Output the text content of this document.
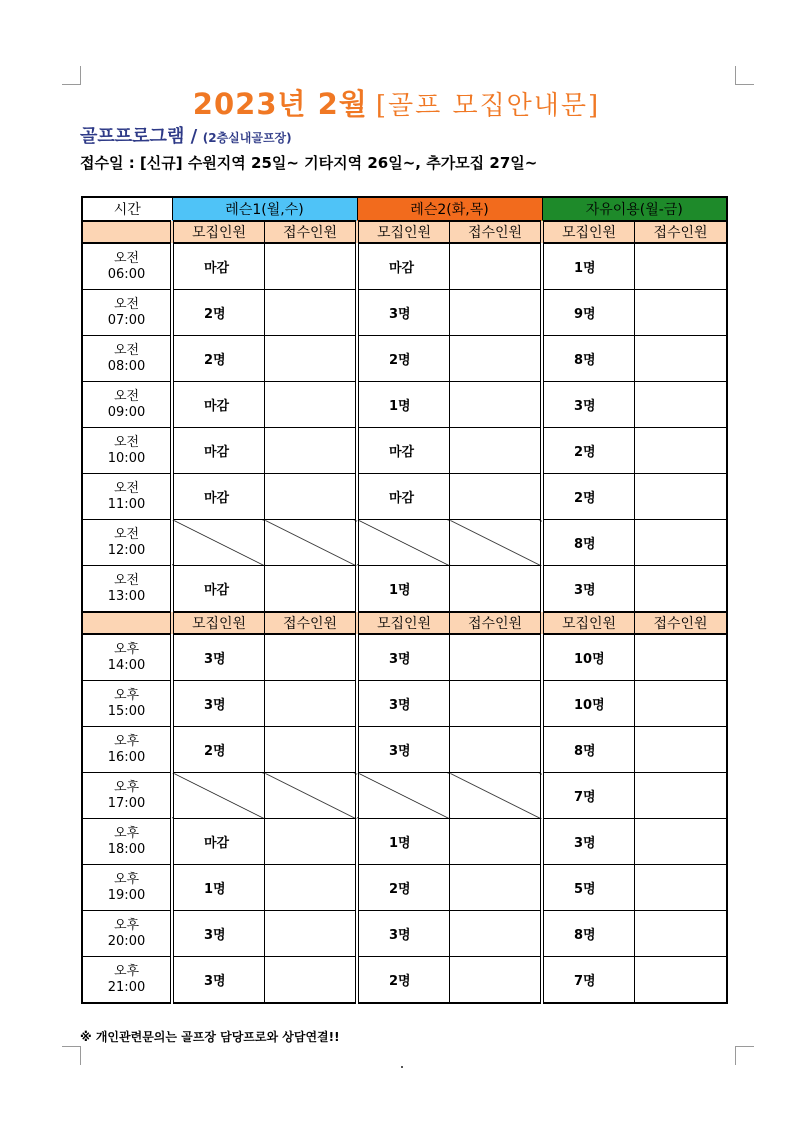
2023년 2월 [골프 모집안내문]
골프프로그램 / (2층실내골프장)
접수일 : [신규] 수원지역 25일~ 기타지역 26일~, 추가모집 27일~
시간	레슨1(월,수)		레슨2(화,목)		자유이용(월-금)	
	모집인원	접수인원	모집인원	접수인원	모집인원	접수인원

오전
06:00	마감		마감		1명	

오전
07:00	2명		3명		9명	

오전
08:00	2명		2명		8명	

오전
09:00	마감		1명		3명	

오전
10:00	마감		마감		2명	

오전
11:00	마감		마감		2명	

오전
12:00					8명	

오전
13:00	마감		1명		3명	
	모집인원	접수인원	모집인원	접수인원	모집인원	접수인원

오후
14:00	3명		3명		10명	

오후
15:00	3명		3명		10명	

오후
16:00	2명		3명		8명	

오후
17:00					7명	

오후
18:00	마감		1명		3명	

오후
19:00	1명		2명		5명	

오후
20:00	3명		3명		8명	

오후
21:00	3명		2명		7명	
※ 개인관련문의는 골프장 담당프로와 상담연결!!
